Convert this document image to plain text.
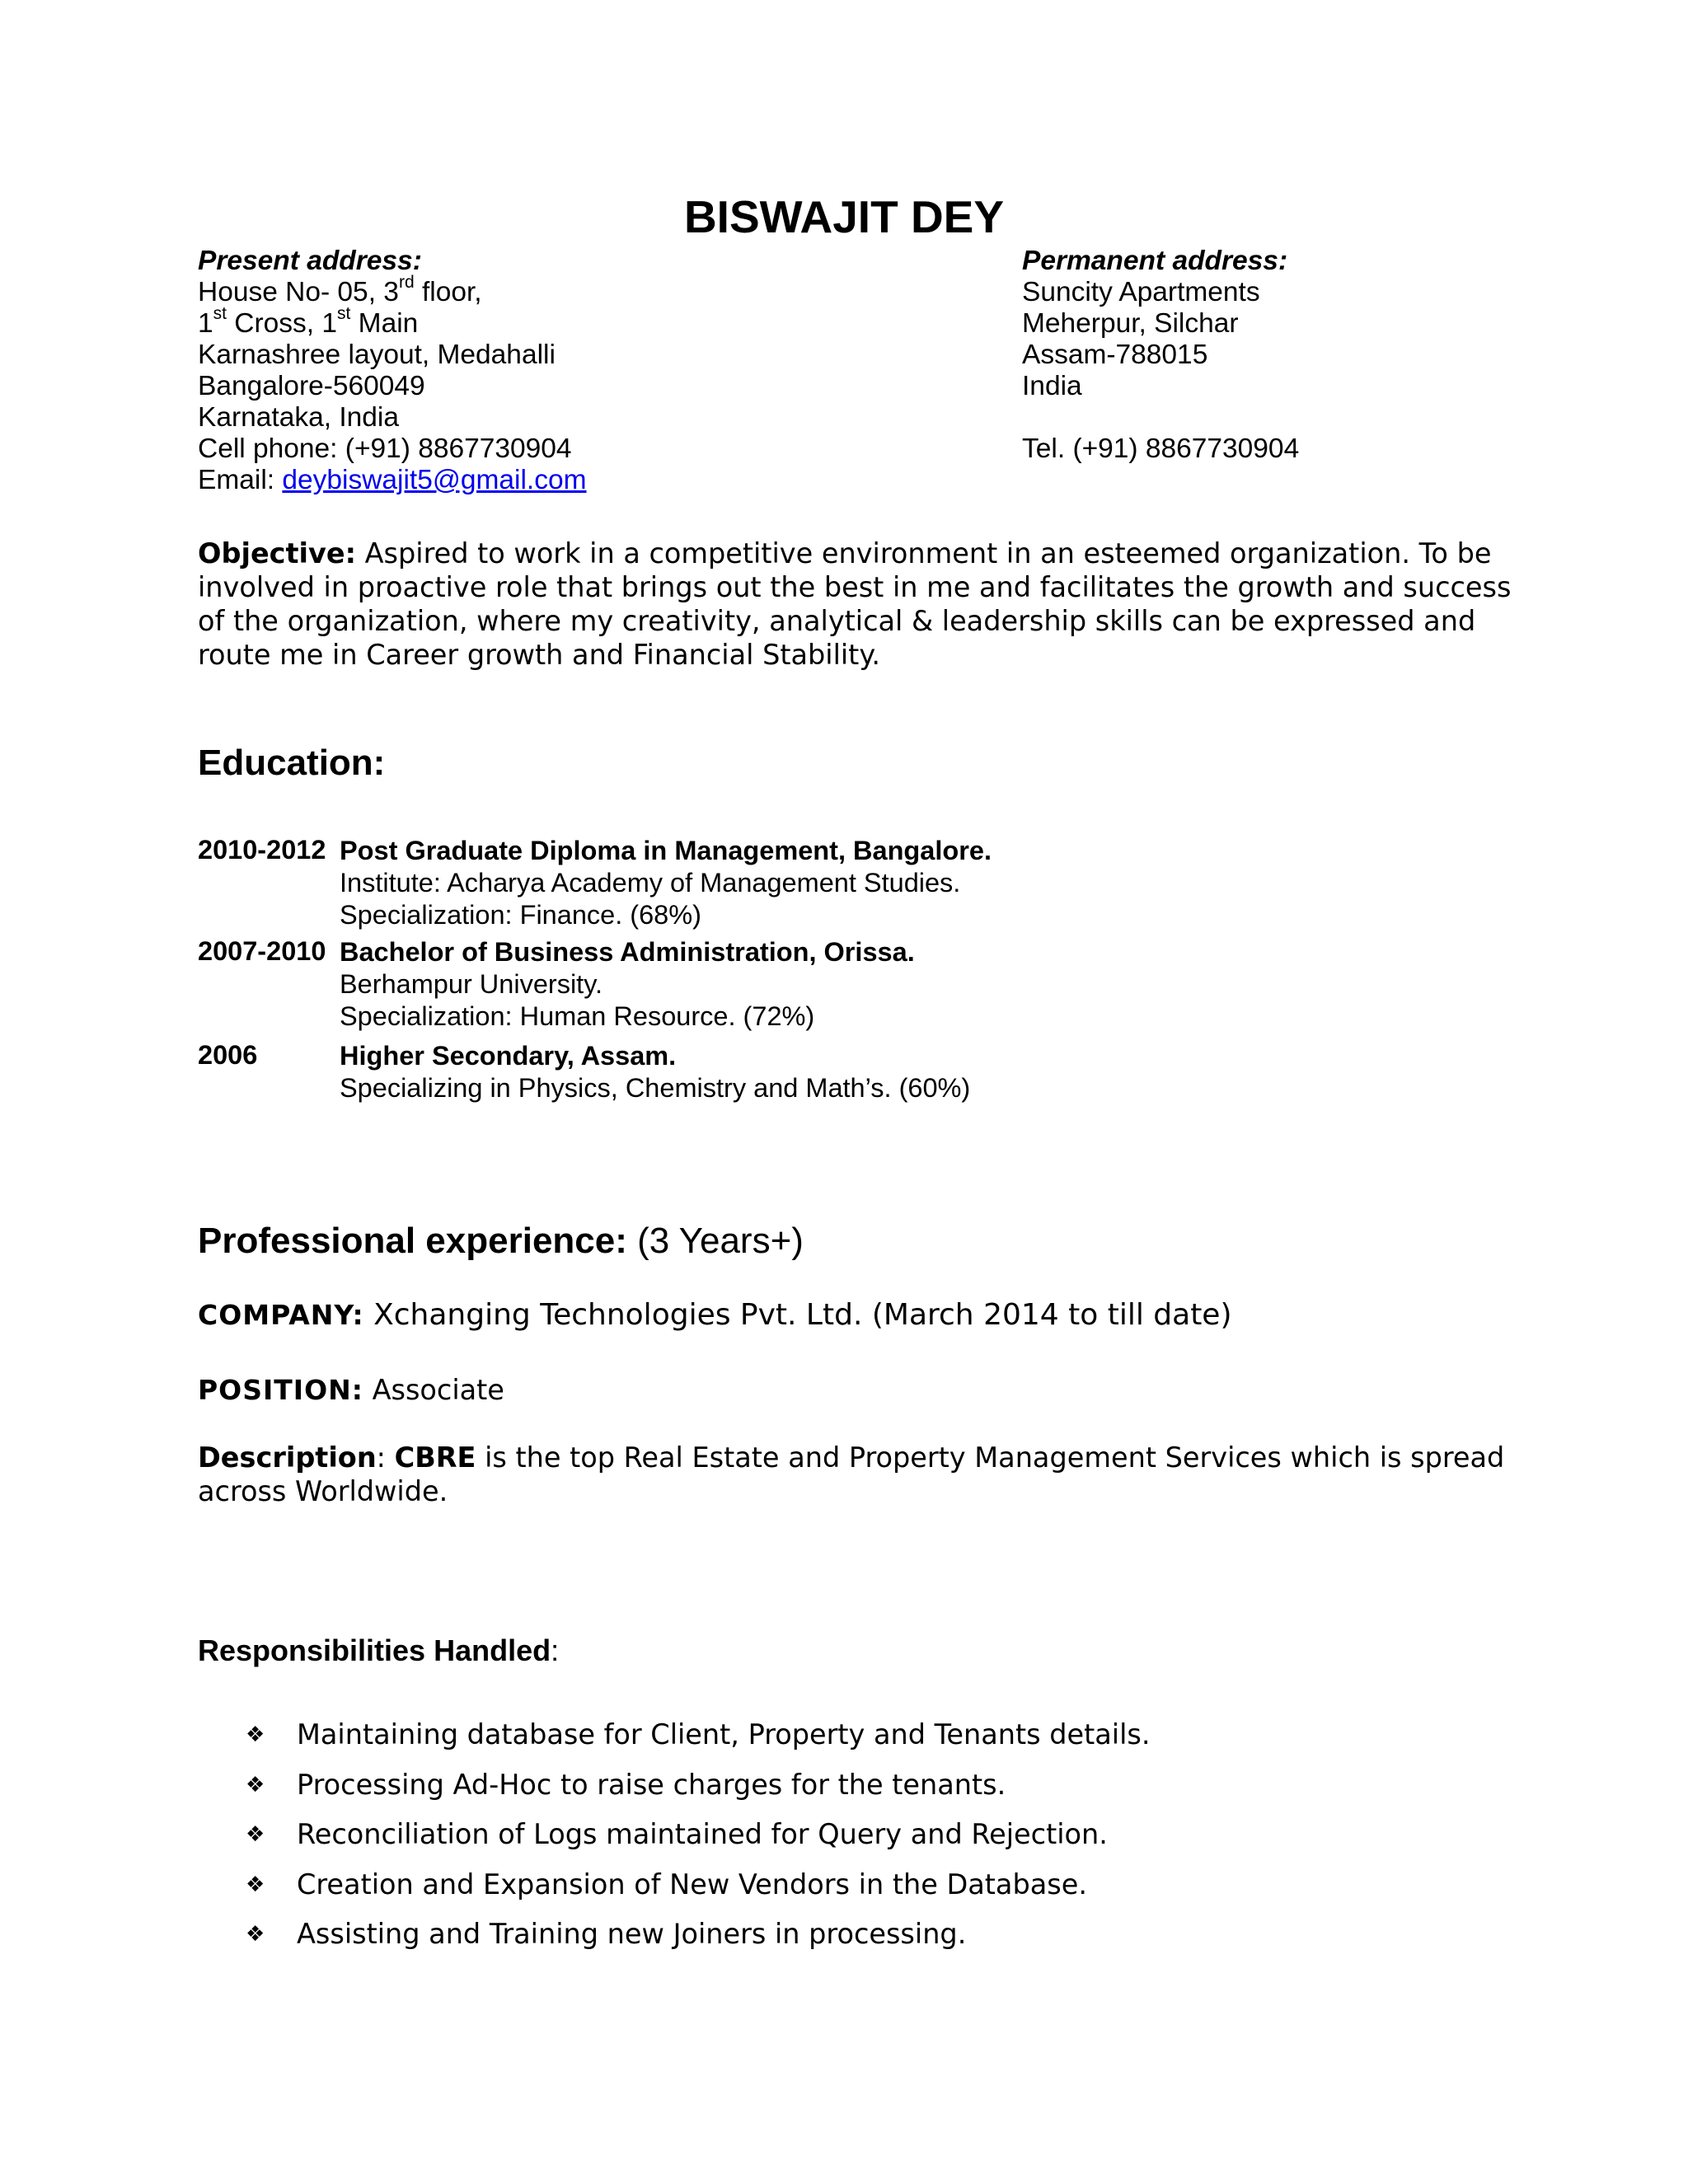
BISWAJIT DEY
Present address:
House No- 05, 3rd floor,
1st Cross, 1st Main
Karnashree layout, Medahalli
Bangalore-560049
Karnataka, India
Cell phone: (+91) 8867730904
Email: deybiswajit5@gmail.com
Permanent address:
Suncity Apartments
Meherpur, Silchar
Assam-788015
India
Tel. (+91) 8867730904
Objective: Aspired to work in a competitive environment in an esteemed organization. To be involved in proactive role that brings out the best in me and facilitates the growth and success of the organization, where my creativity, analytical & leadership skills can be expressed and route me in Career growth and Financial Stability.
Education:
2010-2012 Post Graduate Diploma in Management, Bangalore.
Institute: Acharya Academy of Management Studies.
Specialization: Finance. (68%)
2007-2010 Bachelor of Business Administration, Orissa.
Berhampur University.
Specialization: Human Resource. (72%)
2006	Higher Secondary, Assam.
Specializing in Physics, Chemistry and Math’s. (60%)
Professional experience: (3 Years+)
COMPANY: Xchanging Technologies Pvt. Ltd. (March 2014 to till date)
POSITION: Associate
Description: CBRE is the top Real Estate and Property Management Services which is spread across Worldwide.
Responsibilities Handled:
❖	Maintaining database for Client, Property and Tenants details.
❖	Processing Ad-Hoc to raise charges for the tenants.
❖	Reconciliation of Logs maintained for Query and Rejection.
❖	Creation and Expansion of New Vendors in the Database.
❖	Assisting and Training new Joiners in processing.
